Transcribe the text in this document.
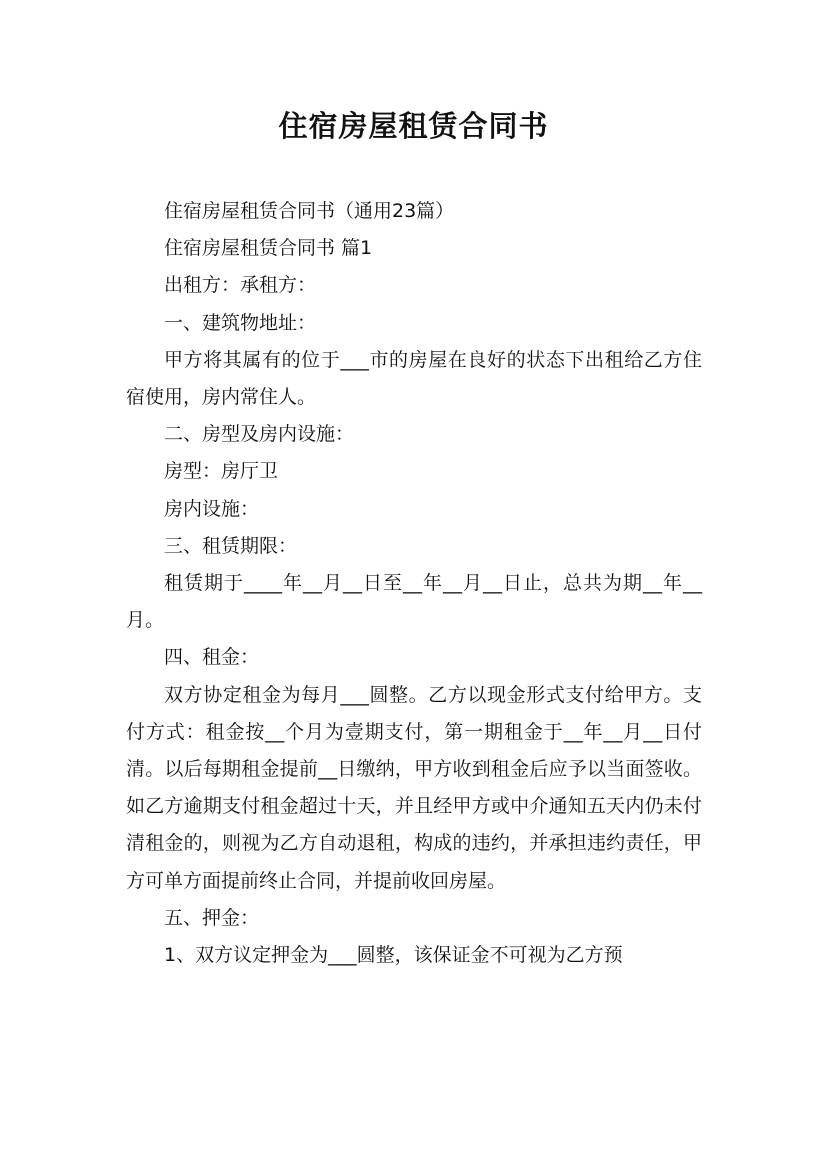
住宿房屋租赁合同书

住宿房屋租赁合同书（通用23篇）

住宿房屋租赁合同书 篇1

出租方：承租方：

一、建筑物地址：

甲方将其属有的位于___市的房屋在良好的状态下出租给乙方住宿使用，房内常住人。

二、房型及房内设施：

房型：房厅卫

房内设施：

三、租赁期限：

租赁期于____年__月__日至__年__月__日止，总共为期__年__月。

四、租金：

双方协定租金为每月___圆整。乙方以现金形式支付给甲方。支付方式：租金按__个月为壹期支付，第一期租金于__年__月__日付清。以后每期租金提前__日缴纳，甲方收到租金后应予以当面签收。如乙方逾期支付租金超过十天，并且经甲方或中介通知五天内仍未付清租金的，则视为乙方自动退租，构成的违约，并承担违约责任，甲方可单方面提前终止合同，并提前收回房屋。

五、押金：

1、双方议定押金为___圆整，该保证金不可视为乙方预
